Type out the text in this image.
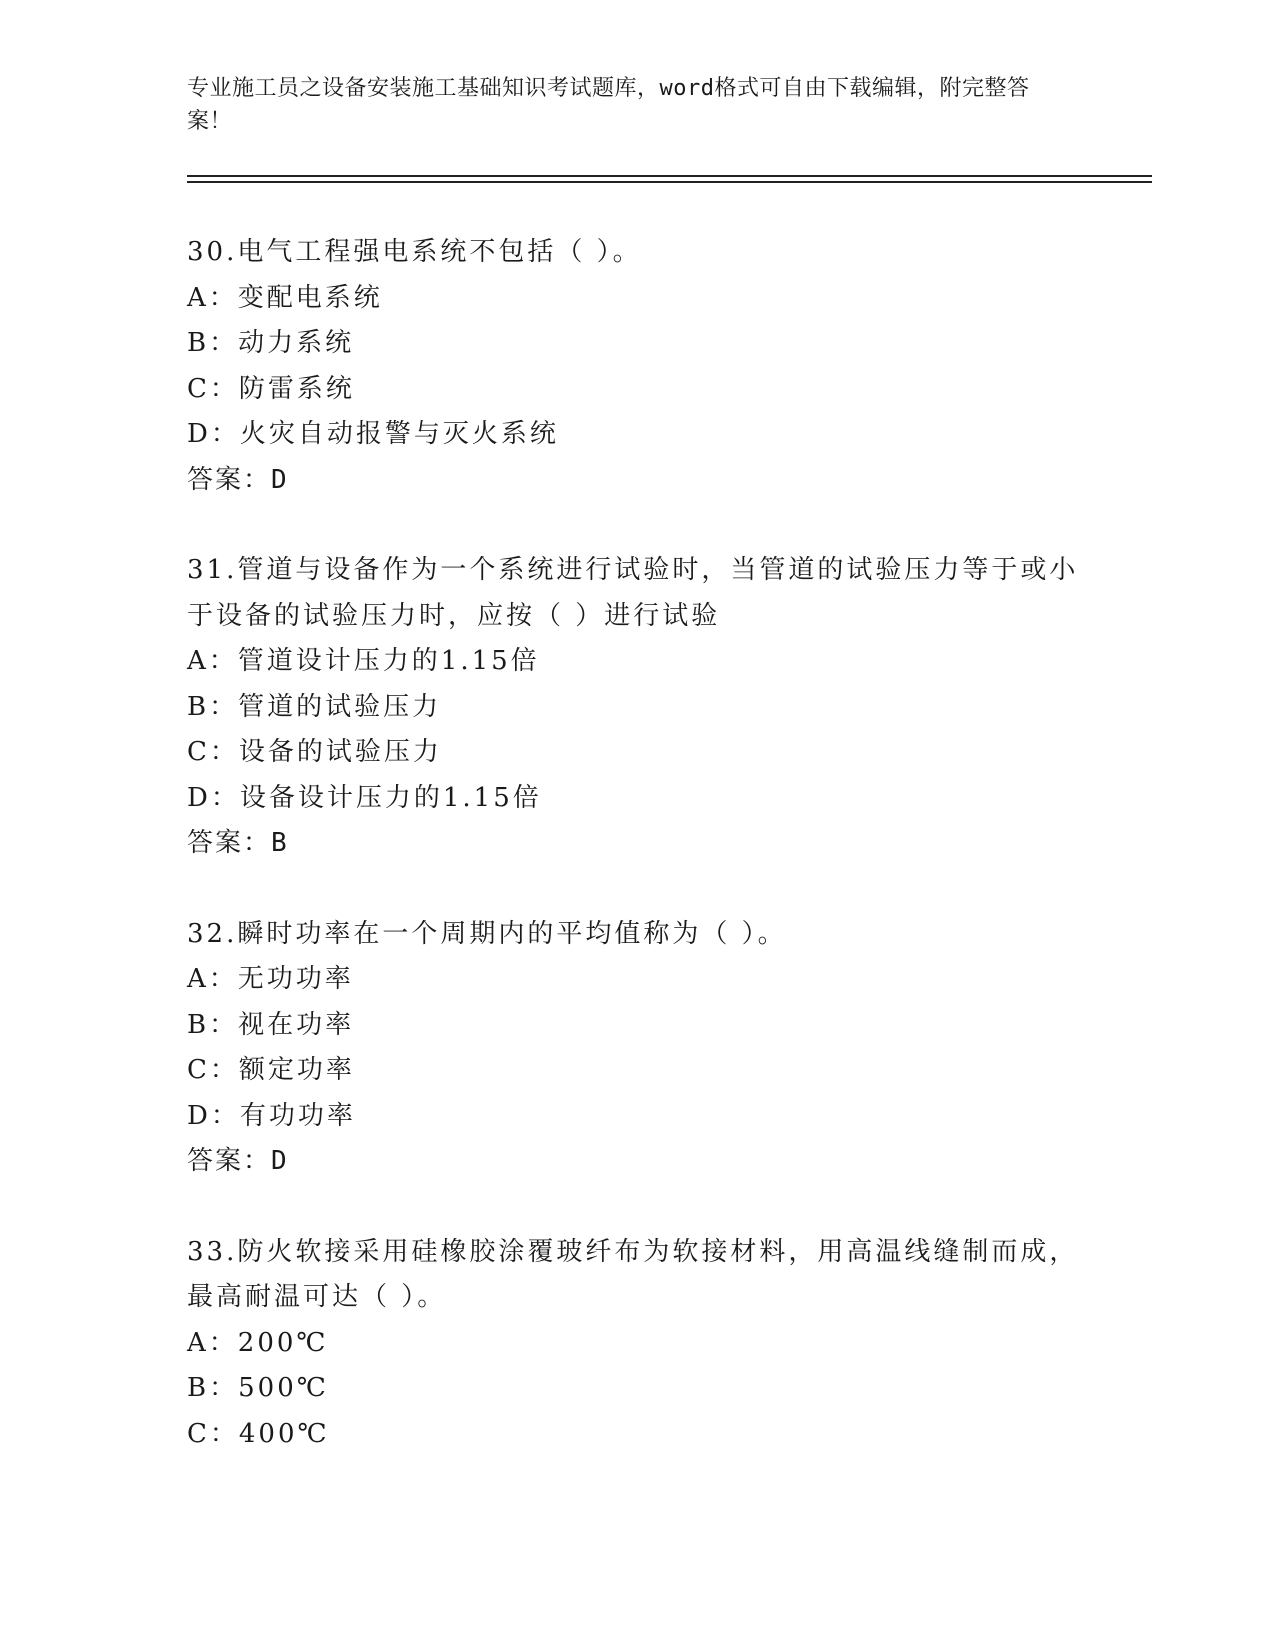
专业施工员之设备安装施工基础知识考试题库，word格式可自由下载编辑，附完整答案！

30.电气工程强电系统不包括（ ）。

A：变配电系统

B：动力系统

C：防雷系统

D：火灾自动报警与灭火系统

答案：D

31.管道与设备作为一个系统进行试验时，当管道的试验压力等于或小于设备的试验压力时，应按（ ）进行试验

A：管道设计压力的1.15倍

B：管道的试验压力

C：设备的试验压力

D：设备设计压力的1.15倍

答案：B

32.瞬时功率在一个周期内的平均值称为（ ）。

A：无功功率

B：视在功率

C：额定功率

D：有功功率

答案：D

33.防火软接采用硅橡胶涂覆玻纤布为软接材料，用高温线缝制而成，最高耐温可达（ ）。

A：200℃

B：500℃

C：400℃
